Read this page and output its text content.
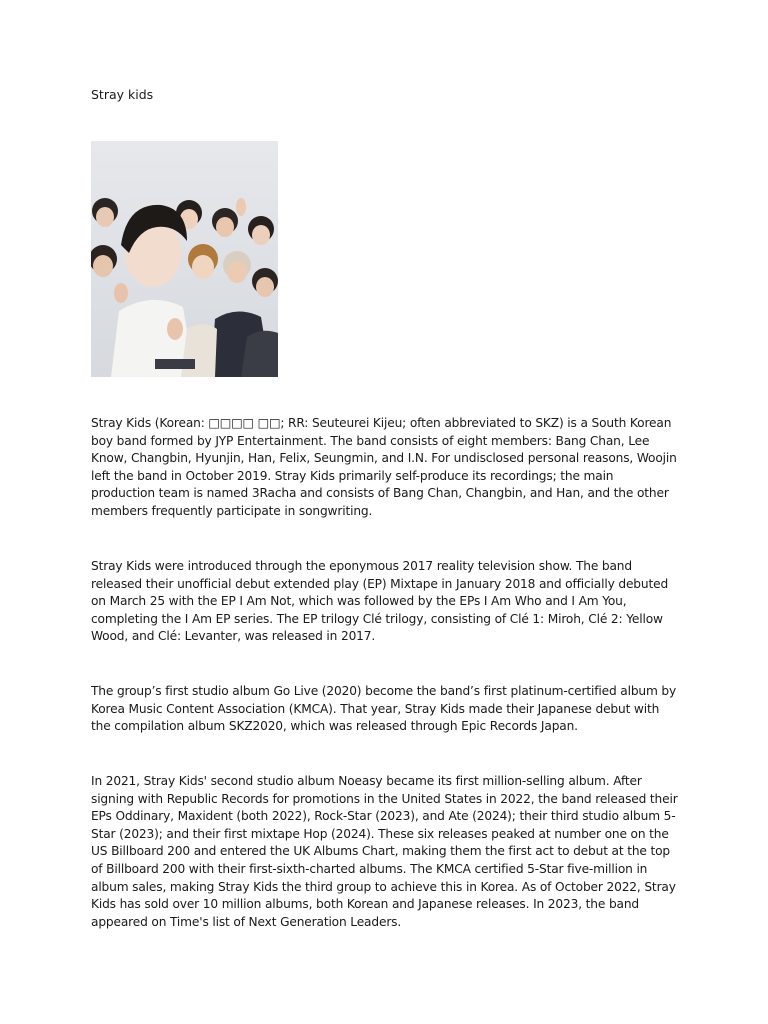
Stray kids

Stray Kids (Korean: □□□□ □□; RR: Seuteurei Kijeu; often abbreviated to SKZ) is a South Korean boy band formed by JYP Entertainment. The band consists of eight members: Bang Chan, Lee Know, Changbin, Hyunjin, Han, Felix, Seungmin, and I.N. For undisclosed personal reasons, Woojin left the band in October 2019. Stray Kids primarily self-produce its recordings; the main production team is named 3Racha and consists of Bang Chan, Changbin, and Han, and the other members frequently participate in songwriting.

Stray Kids were introduced through the eponymous 2017 reality television show. The band released their unofficial debut extended play (EP) Mixtape in January 2018 and officially debuted on March 25 with the EP I Am Not, which was followed by the EPs I Am Who and I Am You, completing the I Am EP series. The EP trilogy Clé trilogy, consisting of Clé 1: Miroh, Clé 2: Yellow Wood, and Clé: Levanter, was released in 2017.

The group’s first studio album Go Live (2020) become the band’s first platinum-certified album by Korea Music Content Association (KMCA). That year, Stray Kids made their Japanese debut with the compilation album SKZ2020, which was released through Epic Records Japan.

In 2021, Stray Kids' second studio album Noeasy became its first million-selling album. After signing with Republic Records for promotions in the United States in 2022, the band released their EPs Oddinary, Maxident (both 2022), Rock-Star (2023), and Ate (2024); their third studio album 5-Star (2023); and their first mixtape Hop (2024). These six releases peaked at number one on the US Billboard 200 and entered the UK Albums Chart, making them the first act to debut at the top of Billboard 200 with their first-sixth-charted albums. The KMCA certified 5-Star five-million in album sales, making Stray Kids the third group to achieve this in Korea. As of October 2022, Stray Kids has sold over 10 million albums, both Korean and Japanese releases. In 2023, the band appeared on Time's list of Next Generation Leaders.
